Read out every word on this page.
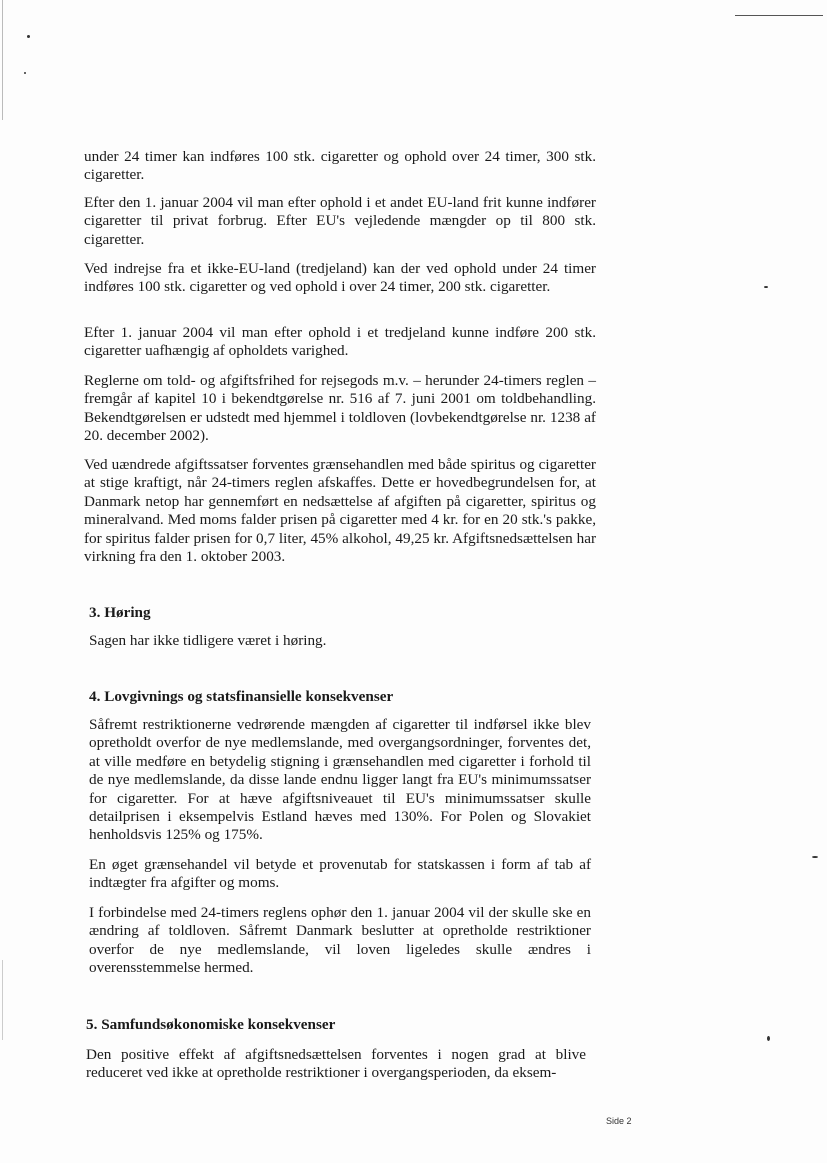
under 24 timer kan indføres 100 stk. cigaretter og ophold over 24 timer, 300 stk. cigaretter.

Efter den 1. januar 2004 vil man efter ophold i et andet EU-land frit kunne indfører cigaretter til privat forbrug. Efter EU's vejledende mængder op til 800 stk. cigaretter.

Ved indrejse fra et ikke-EU-land (tredjeland) kan der ved ophold under 24 timer indføres 100 stk. cigaretter og ved ophold i over 24 timer, 200 stk. cigaretter.

Efter 1. januar 2004 vil man efter ophold i et tredjeland kunne indføre 200 stk. cigaretter uafhængig af opholdets varighed.

Reglerne om told- og afgiftsfrihed for rejsegods m.v. – herunder 24-timers reglen – fremgår af kapitel 10 i bekendtgørelse nr. 516 af 7. juni 2001 om toldbehandling. Bekendtgørelsen er udstedt med hjemmel i toldloven (lovbekendtgørelse nr. 1238 af 20. december 2002).

Ved uændrede afgiftssatser forventes grænsehandlen med både spiritus og cigaretter at stige kraftigt, når 24-timers reglen afskaffes. Dette er hovedbegrundelsen for, at Danmark netop har gennemført en nedsættelse af afgiften på cigaretter, spiritus og mineralvand. Med moms falder prisen på cigaretter med 4 kr. for en 20 stk.'s pakke, for spiritus falder prisen for 0,7 liter, 45% alkohol, 49,25 kr. Afgiftsnedsættelsen har virkning fra den 1. oktober 2003.

3. Høring

Sagen har ikke tidligere været i høring.

4. Lovgivnings og statsfinansielle konsekvenser

Såfremt restriktionerne vedrørende mængden af cigaretter til indførsel ikke blev opretholdt overfor de nye medlemslande, med overgangsordninger, forventes det, at ville medføre en betydelig stigning i grænsehandlen med cigaretter i forhold til de nye medlemslande, da disse lande endnu ligger langt fra EU's minimumssatser for cigaretter. For at hæve afgiftsniveauet til EU's minimumssatser skulle detailprisen i eksempelvis Estland hæves med 130%. For Polen og Slovakiet henholdsvis 125% og 175%.

En øget grænsehandel vil betyde et provenutab for statskassen i form af tab af indtægter fra afgifter og moms.

I forbindelse med 24-timers reglens ophør den 1. januar 2004 vil der skulle ske en ændring af toldloven. Såfremt Danmark beslutter at opretholde restriktioner overfor de nye medlemslande, vil loven ligeledes skulle ændres i overensstemmelse hermed.

5. Samfundsøkonomiske konsekvenser

Den positive effekt af afgiftsnedsættelsen forventes i nogen grad at blive reduceret ved ikke at opretholde restriktioner i overgangsperioden, da eksem-

Side 2
